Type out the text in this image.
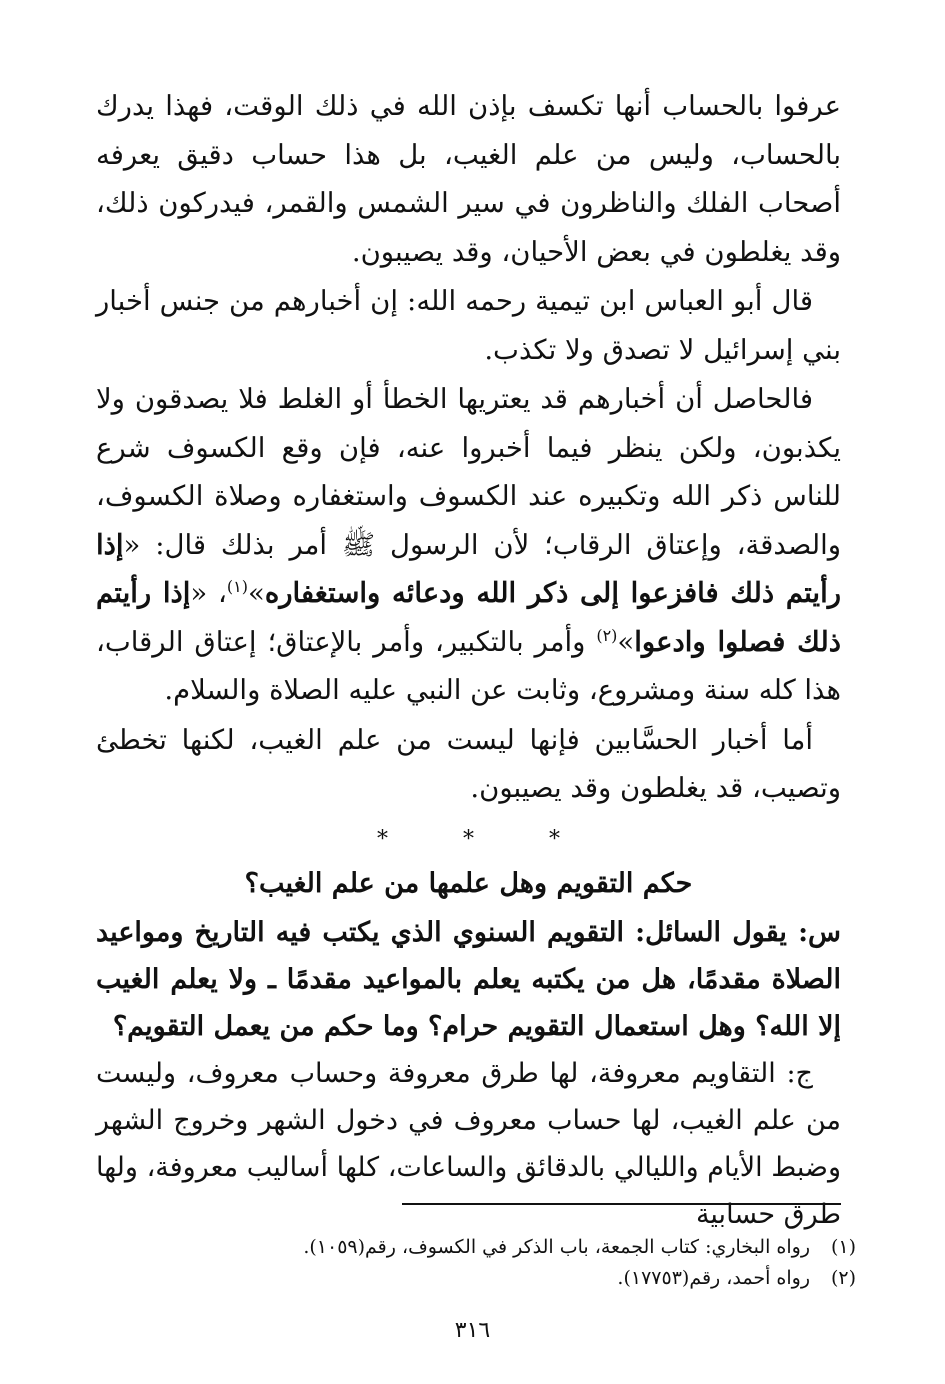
عرفوا بالحساب أنها تكسف بإذن الله في ذلك الوقت، فهذا يدرك بالحساب، وليس من علم الغيب، بل هذا حساب دقيق يعرفه أصحاب الفلك والناظرون في سير الشمس والقمر، فيدركون ذلك، وقد يغلطون في بعض الأحيان، وقد يصيبون.

قال أبو العباس ابن تيمية رحمه الله: إن أخبارهم من جنس أخبار بني إسرائيل لا تصدق ولا تكذب.

فالحاصل أن أخبارهم قد يعتريها الخطأ أو الغلط فلا يصدقون ولا يكذبون، ولكن ينظر فيما أخبروا عنه، فإن وقع الكسوف شرع للناس ذكر الله وتكبيره عند الكسوف واستغفاره وصلاة الكسوف، والصدقة، وإعتاق الرقاب؛ لأن الرسول ﷺ أمر بذلك قال: «إذا رأيتم ذلك فافزعوا إلى ذكر الله ودعائه واستغفاره»$^{(١)}$، «إذا رأيتم ذلك فصلوا وادعوا»$^{(٢)}$ وأمر بالتكبير، وأمر بالإعتاق؛ إعتاق الرقاب، هذا كله سنة ومشروع، وثابت عن النبي عليه الصلاة والسلام.

أما أخبار الحسَّابين فإنها ليست من علم الغيب، لكنها تخطئ وتصيب، قد يغلطون وقد يصيبون.

***
حكم التقويم وهل علمها من علم الغيب؟

س: يقول السائل: التقويم السنوي الذي يكتب فيه التاريخ ومواعيد الصلاة مقدمًا، هل من يكتبه يعلم بالمواعيد مقدمًا ـ ولا يعلم الغيب إلا الله؟ وهل استعمال التقويم حرام؟ وما حكم من يعمل التقويم؟

ج: التقاويم معروفة، لها طرق معروفة وحساب معروف، وليست من علم الغيب، لها حساب معروف في دخول الشهر وخروج الشهر وضبط الأيام والليالي بالدقائق والساعات، كلها أساليب معروفة، ولها طرق حسابية

(١)رواه البخاري: كتاب الجمعة، باب الذكر في الكسوف، رقم(١٠٥٩).

(٢)رواه أحمد، رقم(١٧٧٥٣).

٣١٦
